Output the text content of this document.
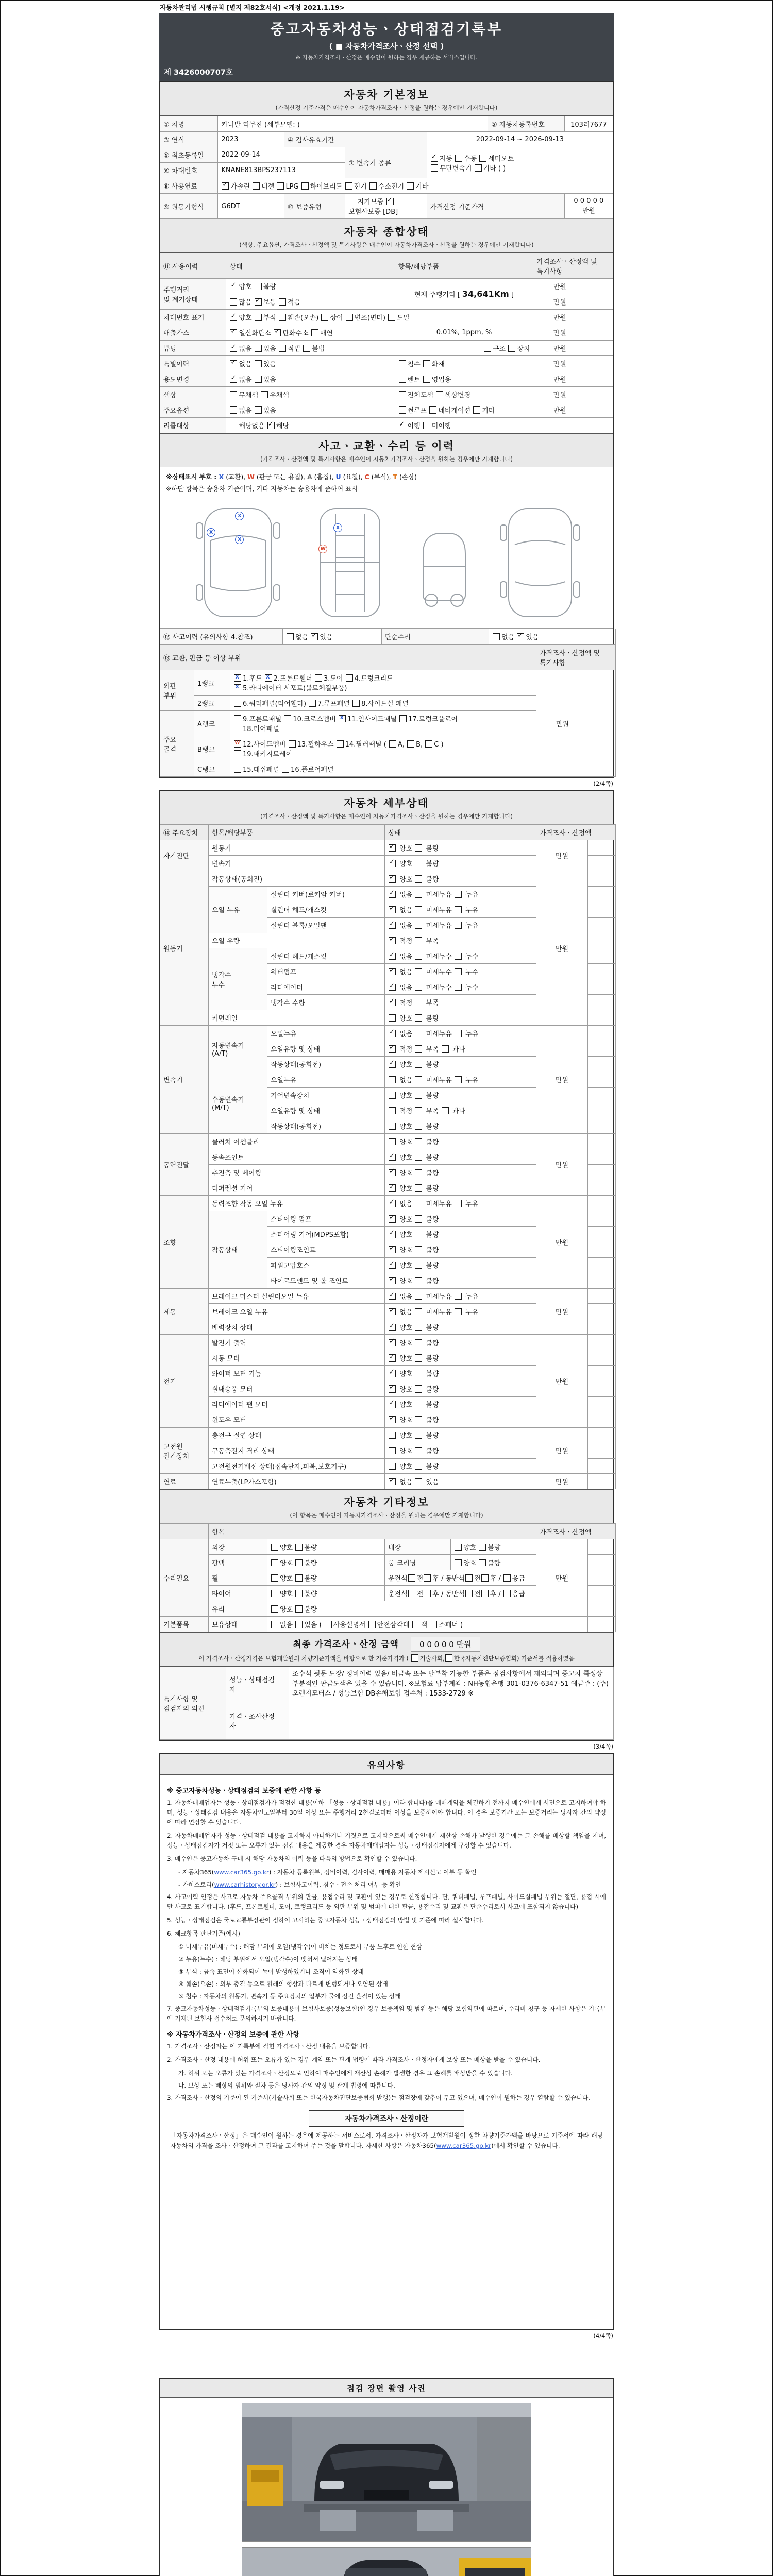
자동차관리법 시행규칙 [별지 제82호서식] <개정 2021.1.19>
중고자동차성능ㆍ상태점검기록부
( ■ 자동차가격조사ㆍ산정 선택 )
※ 자동차가격조사ㆍ산정은 매수인이 원하는 경우 제공하는 서비스입니다.
제 3426000707호
자동차 기본정보
(가격산정 기준가격은 매수인이 자동차가격조사ㆍ산정을 원하는 경우에만 기재합니다)
① 차명	카니발 리무진 (세부모델: )				② 자동차등록번호	103러7677
③ 연식	2023	④ 검사유효기간		2022-09-14 ~ 2026-09-13		
⑤ 최초등록일	2022-09-14		⑦ 변속기 종류	✓자동 수동 세미오토
무단변속기 기타 ( )
⑥ 차대번호	KNANE813BPS237113					
⑧ 사용연료	✓가솔린 디젤 LPG 하이브리드 전기 수소전기 기타
⑨ 원동기형식	G6DT	⑩ 보증유형	자가보증 ✓보험사보증 [DB]	가격산정 기준가격		0 0 0 0 0 만원
자동차 종합상태
(색상, 주요옵션, 가격조사ㆍ산정액 및 특기사항은 매수인이 자동차가격조사ㆍ산정을 원하는 경우에만 기재합니다)
⑪ 사용이력	상태	항목/해당부품	가격조사ㆍ산정액 및 특기사항	
주행거리
및 계기상태	✓양호 불량	현재 주행거리 [ 34,641Km ]	만원	
	많음 ✓보통 적음		만원	
차대번호 표기	✓양호 부식 훼손(오손) 상이 변조(변타) 도말		만원	
배출가스	✓일산화탄소 ✓탄화수소 매연	0.01%, 1ppm, %	만원	
튜닝	✓없음 있음 적법 불법	구조 장치	만원	
특별이력	✓없음 있음	침수 화재	만원	
용도변경	✓없음 있음	렌트 영업용	만원	
색상	무채색 유채색	전체도색 색상변경	만원	
주요옵션	없음 있음	썬루프 네비게이션 기타	만원	
리콜대상	해당없음 ✓해당	✓이행 미이행		
사고ㆍ교환ㆍ수리 등 이력
(가격조사ㆍ산정액 및 특기사항은 매수인이 자동차가격조사ㆍ산정을 원하는 경우에만 기재합니다)
※상태표시 부호 : X (교환), W (판금 또는 용접), A (흠집), U (요철), C (부식), T (손상)
※하단 항목은 승용차 기준이며, 기타 자동차는 승용차에 준하여 표시
X
X
X
X
W
⑫ 사고이력 (유의사항 4.참조)	없음 ✓있음	단순수리	없음 ✓있음
⑬ 교환, 판금 등 이상 부위			가격조사ㆍ산정액 및 특기사항	
외판
부위	1랭크	X1.후드 X2.프론트휀더 3.도어 4.트렁크리드
X5.라디에이터 서포트(볼트체결부품)	만원	
	2랭크	6.쿼터패널(리어휀다) 7.루프패널 8.사이드실 패널		
주요
골격	A랭크	9.프론트패널 10.크로스멤버 X11.인사이드패널 17.트렁크플로어
18.리어패널
	B랭크	W12.사이드멤버 13.휠하우스 14.필러패널 ( A, B, C )
19.패키지트레이
	C랭크	15.대쉬패널 16.플로어패널		
(2/4쪽)
자동차 세부상태
(가격조사ㆍ산정액 및 특기사항은 매수인이 자동차가격조사ㆍ산정을 원하는 경우에만 기재합니다)
⑭ 주요장치	항목/해당부품		상태	가격조사ㆍ산정액	
자기진단	원동기	✓ 양호  불량	만원	
	변속기	✓ 양호  불량	
원동기	작동상태(공회전)	✓ 양호  불량	만원	
	오일 누유	실린더 커버(로커암 커버)	✓ 없음  미세누유  누유	
		실린더 헤드/개스킷	✓ 없음  미세누유  누유	
		실린더 블록/오일팬	✓ 없음  미세누유  누유	
	오일 유량	✓ 적정  부족	
	냉각수
누수	실린더 헤드/개스킷	✓ 없음  미세누수  누수	
		워터펌프	✓ 없음  미세누수  누수	
		라디에이터	✓ 없음  미세누수  누수	
		냉각수 수량	✓ 적정  부족	
	커먼레일		양호  불량		
변속기	자동변속기
(A/T)	오일누유	✓ 없음  미세누유  누유	만원	
		오일유량 및 상태	✓ 적정  부족  과다	
		작동상태(공회전)	✓ 양호  불량	
	수동변속기
(M/T)	오일누유	없음  미세누유  누유		
		기어변속장치	양호  불량		
		오일유량 및 상태	적정  부족  과다		
		작동상태(공회전)	양호  불량		
동력전달	클러치 어셈블리		양호  불량	만원	
	등속조인트	✓ 양호  불량	
	추진축 및 베어링	✓ 양호  불량	
	디퍼렌셜 기어	✓ 양호  불량	
조향	동력조향 작동 오일 누유	✓ 없음  미세누유  누유	만원	
	작동상태	스티어링 펌프	✓ 양호  불량	
		스티어링 기어(MDPS포함)	✓ 양호  불량	
		스티어링조인트	✓ 양호  불량	
		파워고압호스	✓ 양호  불량	
		타이로드엔드 및 볼 조인트	✓ 양호  불량	
제동	브레이크 마스터 실린더오일 누유	✓ 없음  미세누유  누유	만원	
	브레이크 오일 누유	✓ 없음  미세누유  누유	
	배력장치 상태	✓ 양호  불량	
전기	발전기 출력	✓ 양호  불량	만원	
	시동 모터	✓ 양호  불량	
	와이퍼 모터 기능	✓ 양호  불량	
	실내송풍 모터	✓ 양호  불량	
	라디에이터 팬 모터	✓ 양호  불량	
	윈도우 모터	✓ 양호  불량	
고전원
전기장치	충전구 절연 상태		양호  불량	만원	
	구동축전지 격리 상태		양호  불량		
	고전원전기배선 상태(접속단자,피복,보호기구)		양호  불량		
연료	연료누출(LP가스포함)	✓ 없음  있음	만원	
자동차 기타정보
(이 항목은 매수인이 자동차가격조사ㆍ산정을 원하는 경우에만 기재합니다)
	항목				가격조사ㆍ산정액	
수리필요	외장	양호 불량	내장	양호 불량	만원	
	광택	양호 불량	룸 크리닝	양호 불량		
	휠	양호 불량	운전석 전 후 / 동반석 전 후 / 응급			
	타이어	양호 불량	운전석 전 후 / 동반석 전 후 / 응급			
	유리	양호 불량				
기본품목	보유상태	없음 있음 ( 사용설명서 안전삼각대 잭 스패너 )				
최종 가격조사ㆍ산정 금액	0 0 0 0 0 만원
이 가격조사ㆍ산정가격은 보험개발원의 차량기준가액을 바탕으로 한 기준가격과 ( 기술사회, 한국자동차진단보증협회) 기준서를 적용하였음
특기사항 및
점검자의 의견	성능ㆍ상태점검
자	조수석 뒷문 도장/ 정비이력 있음/ 비금속 또는 탈부착 가능한 부품은 점검사항에서 제외되며 중고차 특성상 부분적인 판금도색은 있을 수 있습니다. ※보험료 납부계좌 : NH농협은행 301-0376-6347-51 예금주 : (주)오렌지모터스 / 성능보험 DB손해보험 접수처 : 1533-2729 ※
	가격ㆍ조사산정
자	
(3/4쪽)
유의사항
※ 중고자동차성능ㆍ상태점검의 보증에 관한 사항 등
1. 자동차매매업자는 성능ㆍ상태점검자가 점검한 내용(이하 「성능ㆍ상태점검 내용」이라 합니다)을 매매계약을 체결하기 전까지 매수인에게 서면으로 고지하여야 하며, 성능ㆍ상태점검 내용은 자동차인도일부터 30일 이상 또는 주행거리 2천킬로미터 이상을 보증하여야 합니다. 이 경우 보증기간 또는 보증거리는 당사자 간의 약정에 따라 연장할 수 있습니다.
2. 자동차매매업자가 성능ㆍ상태점검 내용을 고지하지 아니하거나 거짓으로 고지함으로써 매수인에게 재산상 손해가 발생한 경우에는 그 손해를 배상할 책임을 지며, 성능ㆍ상태점검자가 거짓 또는 오류가 있는 점검 내용을 제공한 경우 자동차매매업자는 성능ㆍ상태점검자에게 구상할 수 있습니다.
3. 매수인은 중고자동차 구매 시 해당 자동차의 이력 등을 다음의 방법으로 확인할 수 있습니다.
- 자동차365(www.car365.go.kr) : 자동차 등록원부, 정비이력, 검사이력, 매매용 자동차 제시신고 여부 등 확인
- 카히스토리(www.carhistory.or.kr) : 보험사고이력, 침수ㆍ전손 처리 여부 등 확인
4. 사고이력 인정은 사고로 자동차 주요골격 부위의 판금, 용접수리 및 교환이 있는 경우로 한정합니다. 단, 쿼터패널, 루프패널, 사이드실패널 부위는 절단, 용접 시에만 사고로 표기합니다. (후드, 프론트휀더, 도어, 트렁크리드 등 외판 부위 및 범퍼에 대한 판금, 용접수리 및 교환은 단순수리로서 사고에 포함되지 않습니다)
5. 성능ㆍ상태점검은 국토교통부장관이 정하여 고시하는 중고자동차 성능ㆍ상태점검의 방법 및 기준에 따라 실시합니다.
6. 체크항목 판단기준(예시)
① 미세누유(미세누수) : 해당 부위에 오일(냉각수)이 비치는 정도로서 부품 노후로 인한 현상
② 누유(누수) : 해당 부위에서 오일(냉각수)이 맺혀서 떨어지는 상태
③ 부식 : 금속 표면이 산화되어 녹이 발생하였거나 조직이 약화된 상태
④ 훼손(오손) : 외부 충격 등으로 원래의 형상과 다르게 변형되거나 오염된 상태
⑤ 침수 : 자동차의 원동기, 변속기 등 주요장치의 일부가 물에 잠긴 흔적이 있는 상태
7. 중고자동차성능ㆍ상태점검기록부의 보증내용이 보험사보증(성능보험)인 경우 보증책임 및 범위 등은 해당 보험약관에 따르며, 수리비 청구 등 자세한 사항은 기록부에 기재된 보험사 접수처로 문의하시기 바랍니다.
※ 자동차가격조사ㆍ산정의 보증에 관한 사항
1. 가격조사ㆍ산정자는 이 기록부에 적힌 가격조사ㆍ산정 내용을 보증합니다.
2. 가격조사ㆍ산정 내용에 허위 또는 오류가 있는 경우 계약 또는 관계 법령에 따라 가격조사ㆍ산정자에게 보상 또는 배상을 받을 수 있습니다.
가. 허위 또는 오류가 있는 가격조사ㆍ산정으로 인하여 매수인에게 재산상 손해가 발생한 경우 그 손해를 배상받을 수 있습니다.
나. 보상 또는 배상의 범위와 절차 등은 당사자 간의 약정 및 관계 법령에 따릅니다.
3. 가격조사ㆍ산정의 기준이 된 기준서(기술사회 또는 한국자동차진단보증협회 발행)는 점검장에 갖추어 두고 있으며, 매수인이 원하는 경우 열람할 수 있습니다.
자동차가격조사ㆍ산정이란
「자동차가격조사ㆍ산정」은 매수인이 원하는 경우에 제공하는 서비스로서, 가격조사ㆍ산정자가 보험개발원이 정한 차량기준가액을 바탕으로 기준서에 따라 해당 자동차의 가격을 조사ㆍ산정하여 그 결과를 고지하여 주는 것을 말합니다. 자세한 사항은 자동차365(www.car365.go.kr)에서 확인할 수 있습니다.
(4/4쪽)
점검 장면 촬영 사진
